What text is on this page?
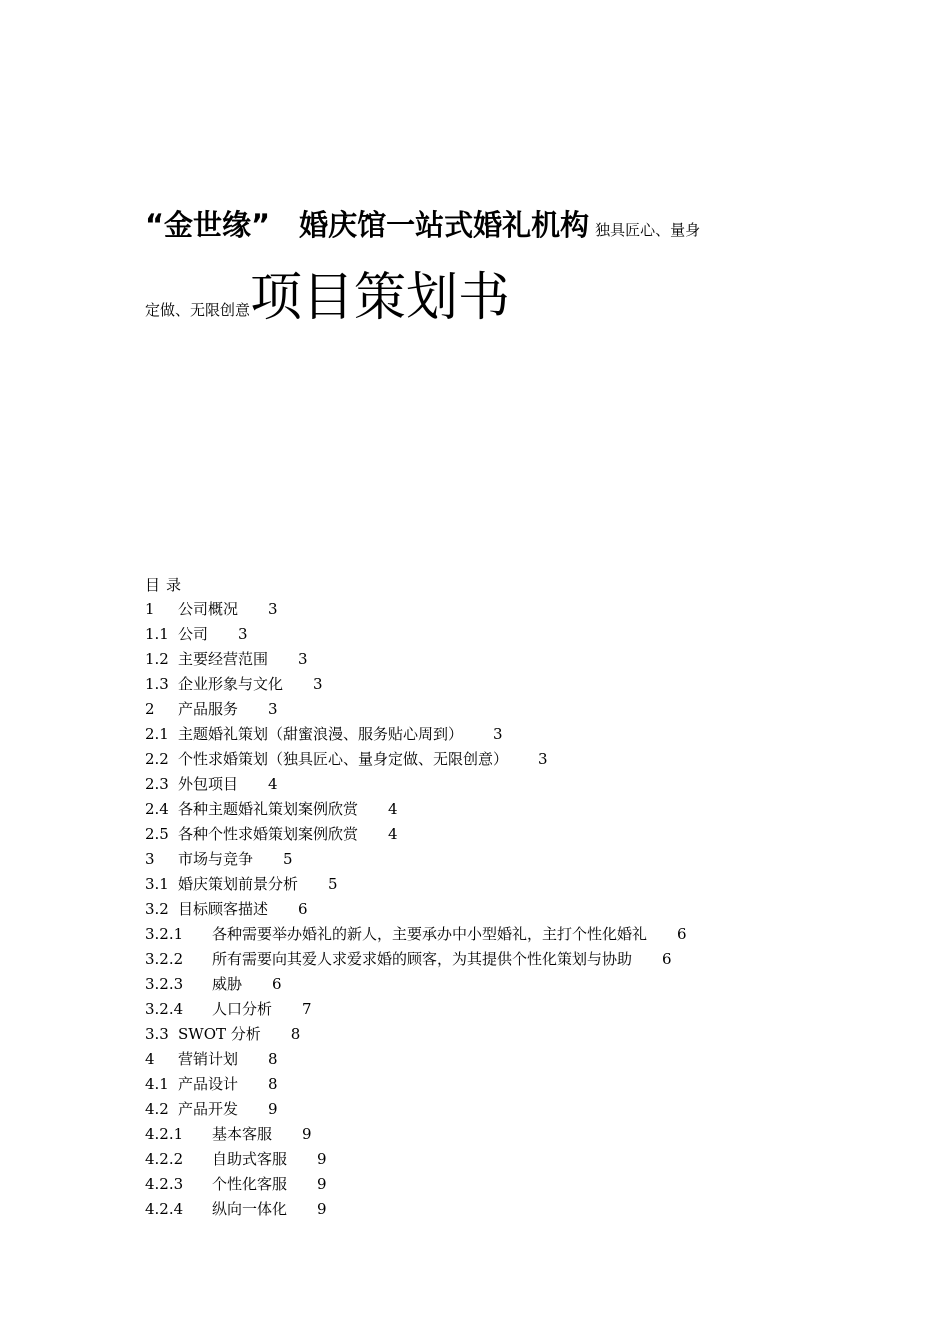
“金世缘”　婚庆馆一站式婚礼机构 独具匠心、量身
定做、无限创意项目策划书
目录
1 公司概况 3
1.1 公司 3
1.2 主要经营范围 3
1.3 企业形象与文化 3
2 产品服务 3
2.1 主题婚礼策划（甜蜜浪漫、服务贴心周到） 3
2.2 个性求婚策划（独具匠心、量身定做、无限创意） 3
2.3 外包项目 4
2.4 各种主题婚礼策划案例欣赏 4
2.5 各种个性求婚策划案例欣赏 4
3 市场与竞争 5
3.1 婚庆策划前景分析 5
3.2 目标顾客描述 6
3.2.1 各种需要举办婚礼的新人，主要承办中小型婚礼，主打个性化婚礼 6
3.2.2 所有需要向其爱人求爱求婚的顾客，为其提供个性化策划与协助 6
3.2.3 威胁 6
3.2.4 人口分析 7
3.3 SWOT 分析 8
4 营销计划 8
4.1 产品设计 8
4.2 产品开发 9
4.2.1 基本客服 9
4.2.2 自助式客服 9
4.2.3 个性化客服 9
4.2.4 纵向一体化 9
